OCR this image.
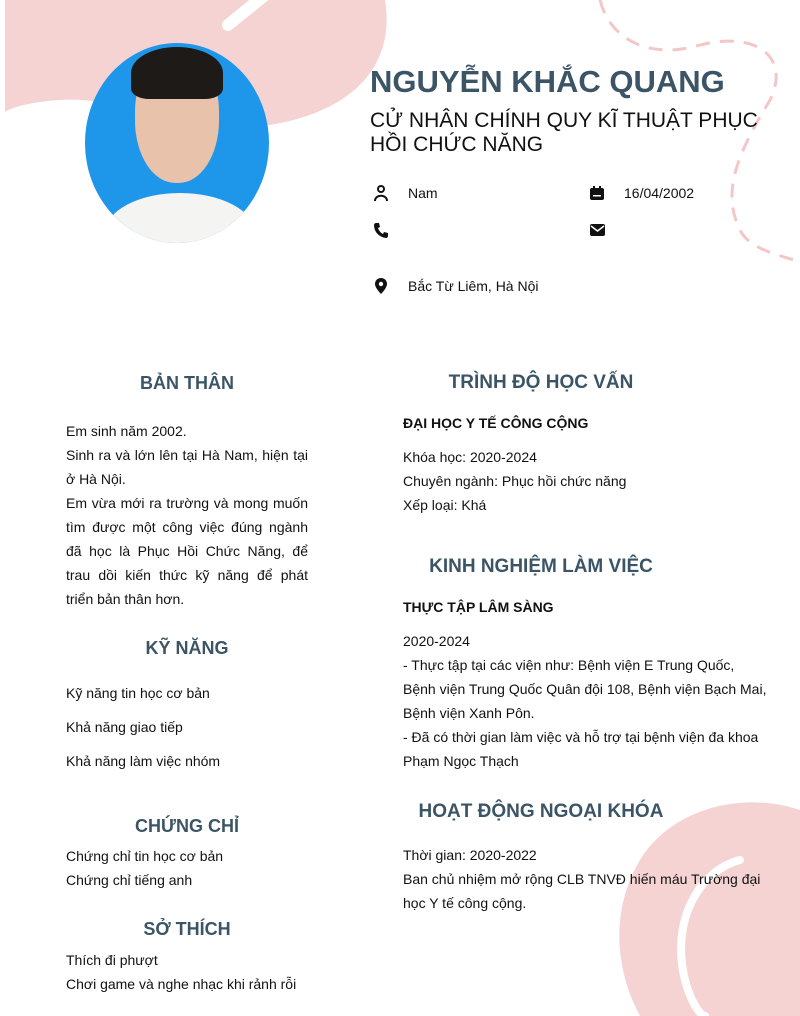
NGUYỄN KHẮC QUANG
CỬ NHÂN CHÍNH QUY KĨ THUẬT PHỤC HỒI CHỨC NĂNG
Nam	16/04/2002
Bắc Từ Liêm, Hà Nội
BẢN THÂN
Em sinh năm 2002.
Sinh ra và lớn lên tại Hà Nam, hiện tại ở Hà Nội.
Em vừa mới ra trường và mong muốn tìm được một công việc đúng ngành đã học là Phục Hồi Chức Năng, để trau dồi kiến thức kỹ năng để phát triển bản thân hơn.
KỸ NĂNG
Kỹ năng tin học cơ bản
Khả năng giao tiếp
Khả năng làm việc nhóm
CHỨNG CHỈ
Chứng chỉ tin học cơ bản
Chứng chỉ tiếng anh
SỞ THÍCH
Thích đi phượt
Chơi game và nghe nhạc khi rảnh rỗi
TRÌNH ĐỘ HỌC VẤN
ĐẠI HỌC Y TẾ CÔNG CỘNG
Khóa học: 2020-2024
Chuyên ngành: Phục hồi chức năng
Xếp loại: Khá
KINH NGHIỆM LÀM VIỆC
THỰC TẬP LÂM SÀNG
2020-2024
- Thực tập tại các viện như: Bệnh viện E Trung Quốc, Bệnh viện Trung Quốc Quân đội 108, Bệnh viện Bạch Mai, Bệnh viện Xanh Pôn.
- Đã có thời gian làm việc và hỗ trợ tại bệnh viện đa khoa Phạm Ngọc Thạch
HOẠT ĐỘNG NGOẠI KHÓA
Thời gian: 2020-2022
Ban chủ nhiệm mở rộng CLB TNVĐ hiến máu Trường đại học Y tế công cộng.
